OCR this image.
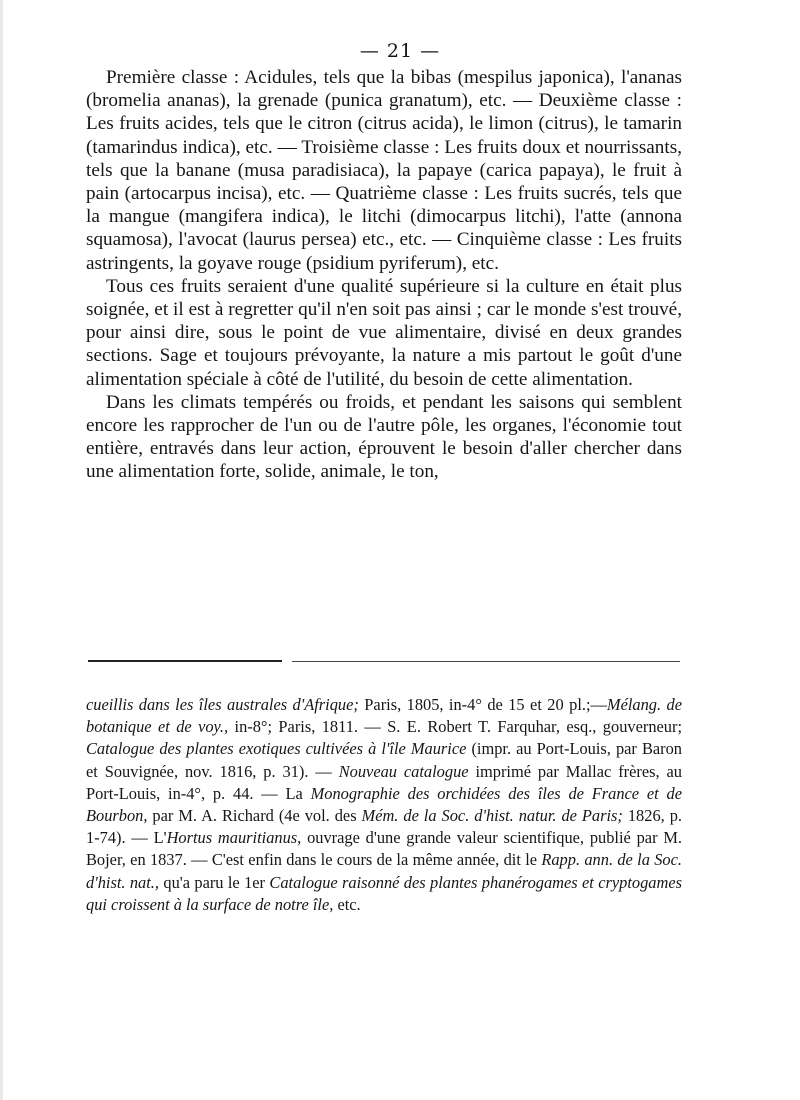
— 21 —

Première classe : Acidules, tels que la bibas (mespilus japonica), l'ananas (bromelia ananas), la grenade (punica granatum), etc. — Deuxième classe : Les fruits acides, tels que le citron (citrus acida), le limon (citrus), le tamarin (tamarindus indica), etc. — Troisième classe : Les fruits doux et nourrissants, tels que la banane (musa paradisiaca), la papaye (carica papaya), le fruit à pain (artocarpus incisa), etc. — Quatrième classe : Les fruits sucrés, tels que la mangue (mangifera indica), le litchi (dimocarpus litchi), l'atte (annona squamosa), l'avocat (laurus persea) etc., etc. — Cinquième classe : Les fruits astringents, la goyave rouge (psidium pyriferum), etc.

Tous ces fruits seraient d'une qualité supérieure si la culture en était plus soignée, et il est à regretter qu'il n'en soit pas ainsi ; car le monde s'est trouvé, pour ainsi dire, sous le point de vue alimentaire, divisé en deux grandes sections. Sage et toujours prévoyante, la nature a mis partout le goût d'une alimentation spéciale à côté de l'utilité, du besoin de cette alimentation.

Dans les climats tempérés ou froids, et pendant les saisons qui semblent encore les rapprocher de l'un ou de l'autre pôle, les organes, l'économie tout entière, entravés dans leur action, éprouvent le besoin d'aller chercher dans une alimentation forte, solide, animale, le ton,

cueillis dans les îles australes d'Afrique; Paris, 1805, in-4° de 15 et 20 pl.;—Mélang. de botanique et de voy., in-8°; Paris, 1811. — S. E. Robert T. Farquhar, esq., gouverneur; Catalogue des plantes exotiques cultivées à l'île Maurice (impr. au Port-Louis, par Baron et Souvignée, nov. 1816, p. 31). — Nouveau catalogue imprimé par Mallac frères, au Port-Louis, in-4°, p. 44. — La Monographie des orchidées des îles de France et de Bourbon, par M. A. Richard (4e vol. des Mém. de la Soc. d'hist. natur. de Paris; 1826, p. 1-74). — L'Hortus mauritianus, ouvrage d'une grande valeur scientifique, publié par M. Bojer, en 1837. — C'est enfin dans le cours de la même année, dit le Rapp. ann. de la Soc. d'hist. nat., qu'a paru le 1er Catalogue raisonné des plantes phanérogames et cryptogames qui croissent à la surface de notre île, etc.
